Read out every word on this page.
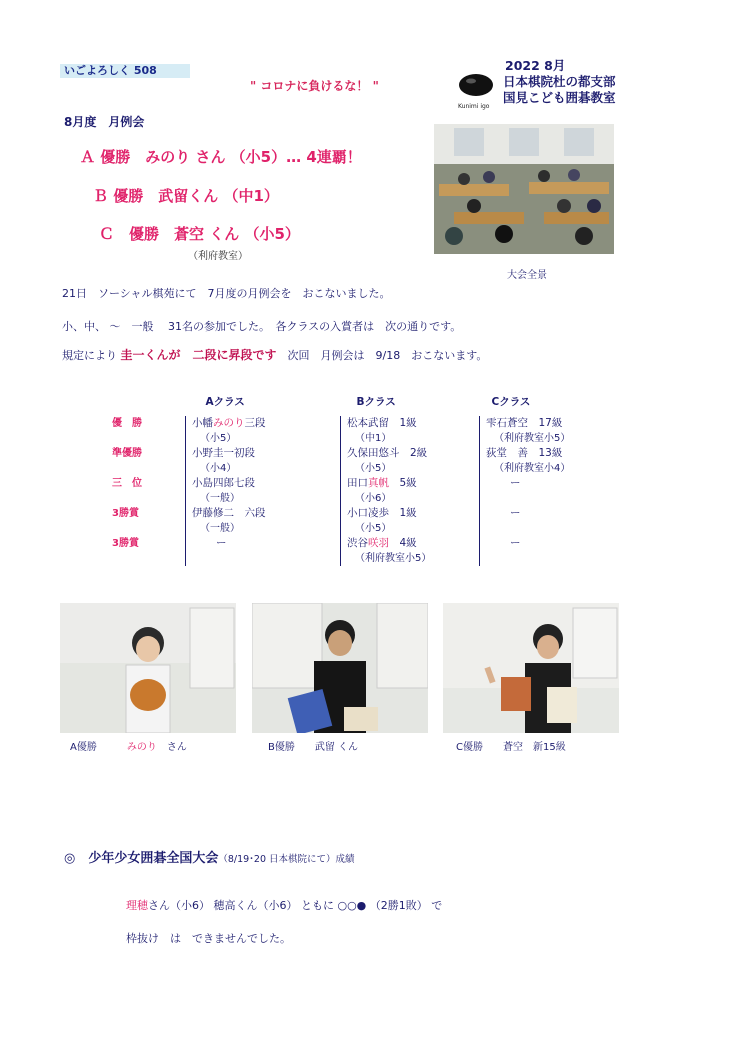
いごよろしく 508
" コロナに負けるな！ "
Kunimi igo
2022 8月
日本棋院杜の都支部
国見こども囲碁教室
8月度　月例会
Ａ 優勝　みのり さん （小5）… 4連覇！
Ｂ 優勝　武留くん （中1）
Ｃ　優勝　蒼空 くん （小5）
（利府教室）
大会全景
21日　ソーシャル棋苑にて　7月度の月例会を　おこないました。
小、中、 ～　一般　 31名の参加でした。　各クラスの入賞者は　次の通りです。
規定により 圭一くんが　二段に昇段です　次回　月例会は　9/18　おこないます。
	Aクラス	Bクラス	Cクラス
優　勝	小幡みのり三段	松本武留　1級	雫石蒼空　17級
	（小5）	（中1）	（利府教室小5）
準優勝	小野圭一初段	久保田悠斗　2級	荻堂　善　13級
	（小4）	（小5）	（利府教室小4）
三　位	小島四郎七段	田口真帆　5級	ー
	（一般）	（小6）	
3勝賞	伊藤修二　六段	小口凌歩　1級	ー
	（一般）	（小5）	
3勝賞	ー	渋谷咲羽　4級	ー
		（利府教室小5）	
A優勝　　　	みのり　 さん	B優勝　　武留 くん	C優勝　　蒼空　新15級
◎　少年少女囲碁全国大会（8/19･20 日本棋院にて）成績
理穂さん（小6） 穂高くん（小6） ともに ○○● （2勝1敗） で
枠抜け　は　できませんでした。
